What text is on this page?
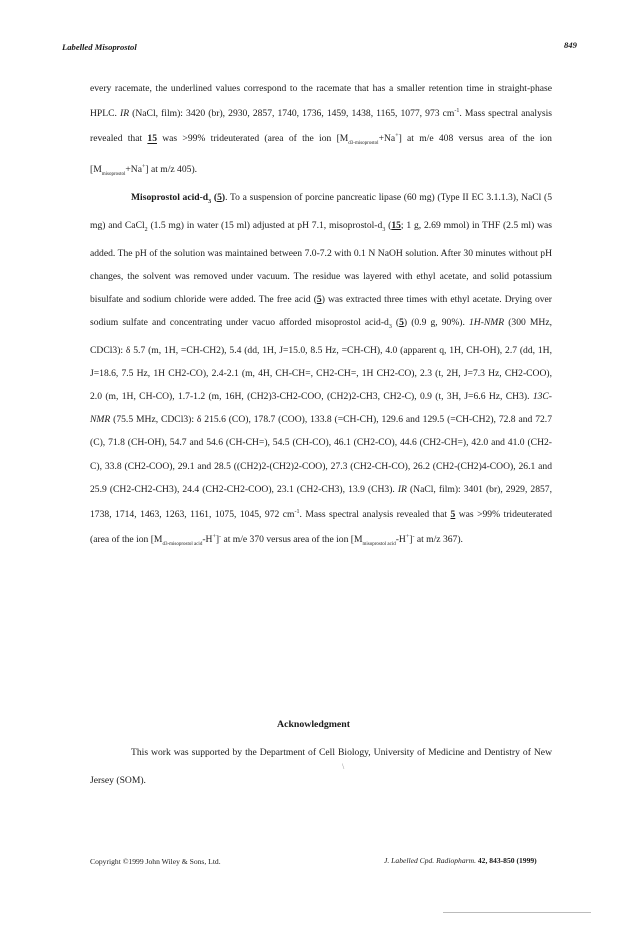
Labelled Misoprostol	849

every racemate, the underlined values correspond to the racemate that has a smaller retention time in straight-phase HPLC. IR (NaCl, film): 3420 (br), 2930, 2857, 1740, 1736, 1459, 1438, 1165, 1077, 973 $cm^{-1}$. Mass spectral analysis revealed that 15 was >99% trideuterated (area of the ion $[M_{d3-misoprostol}+Na^+]$ at m/e 408 versus area of the ion $[M_{misoprostol}+Na^+]$ at m/z 405).

Misoprostol acid-$d_3$ (5). To a suspension of porcine pancreatic lipase (60 mg) (Type II EC 3.1.1.3), NaCl (5 mg) and CaCl$_2$ (1.5 mg) in water (15 ml) adjusted at pH 7.1, misoprostol-$d_3$ (15; 1 g, 2.69 mmol) in THF (2.5 ml) was added. The pH of the solution was maintained between 7.0-7.2 with 0.1 N NaOH solution. After 30 minutes without pH changes, the solvent was removed under vacuum. The residue was layered with ethyl acetate, and solid potassium bisulfate and sodium chloride were added. The free acid (5) was extracted three times with ethyl acetate. Drying over sodium sulfate and concentrating under vacuo afforded misoprostol acid-$d_3$ (5) (0.9 g, 90%). 1H-NMR (300 MHz, CDCl3): δ 5.7 (m, 1H, =CH-CH2), 5.4 (dd, 1H, J=15.0, 8.5 Hz, =CH-CH), 4.0 (apparent q, 1H, CH-OH), 2.7 (dd, 1H, J=18.6, 7.5 Hz, 1H CH2-CO), 2.4-2.1 (m, 4H, CH-CH=, CH2-CH=, 1H CH2-CO), 2.3 (t, 2H, J=7.3 Hz, CH2-COO), 2.0 (m, 1H, CH-CO), 1.7-1.2 (m, 16H, (CH2)3-CH2-COO, (CH2)2-CH3, CH2-C), 0.9 (t, 3H, J=6.6 Hz, CH3). 13C-NMR (75.5 MHz, CDCl3): δ 215.6 (CO), 178.7 (COO), 133.8 (=CH-CH), 129.6 and 129.5 (=CH-CH2), 72.8 and 72.7 (C), 71.8 (CH-OH), 54.7 and 54.6 (CH-CH=), 54.5 (CH-CO), 46.1 (CH2-CO), 44.6 (CH2-CH=), 42.0 and 41.0 (CH2-C), 33.8 (CH2-COO), 29.1 and 28.5 ((CH2)2-(CH2)2-COO), 27.3 (CH2-CH-CO), 26.2 (CH2-(CH2)4-COO), 26.1 and 25.9 (CH2-CH2-CH3), 24.4 (CH2-CH2-COO), 23.1 (CH2-CH3), 13.9 (CH3). IR (NaCl, film): 3401 (br), 2929, 2857, 1738, 1714, 1463, 1263, 1161, 1075, 1045, 972 $cm^{-1}$. Mass spectral analysis revealed that 5 was >99% trideuterated (area of the ion $[M_{d3-misoprostol acid}-H^+]^-$ at m/e 370 versus area of the ion $[M_{misoprostol acid}-H^+]^-$ at m/z 367).

Acknowledgment
This work was supported by the Department of Cell Biology, University of Medicine and Dentistry of New Jersey (SOM).
\
Copyright ©1999 John Wiley & Sons, Ltd.	J. Labelled Cpd. Radiopharm. 42, 843-850 (1999)
